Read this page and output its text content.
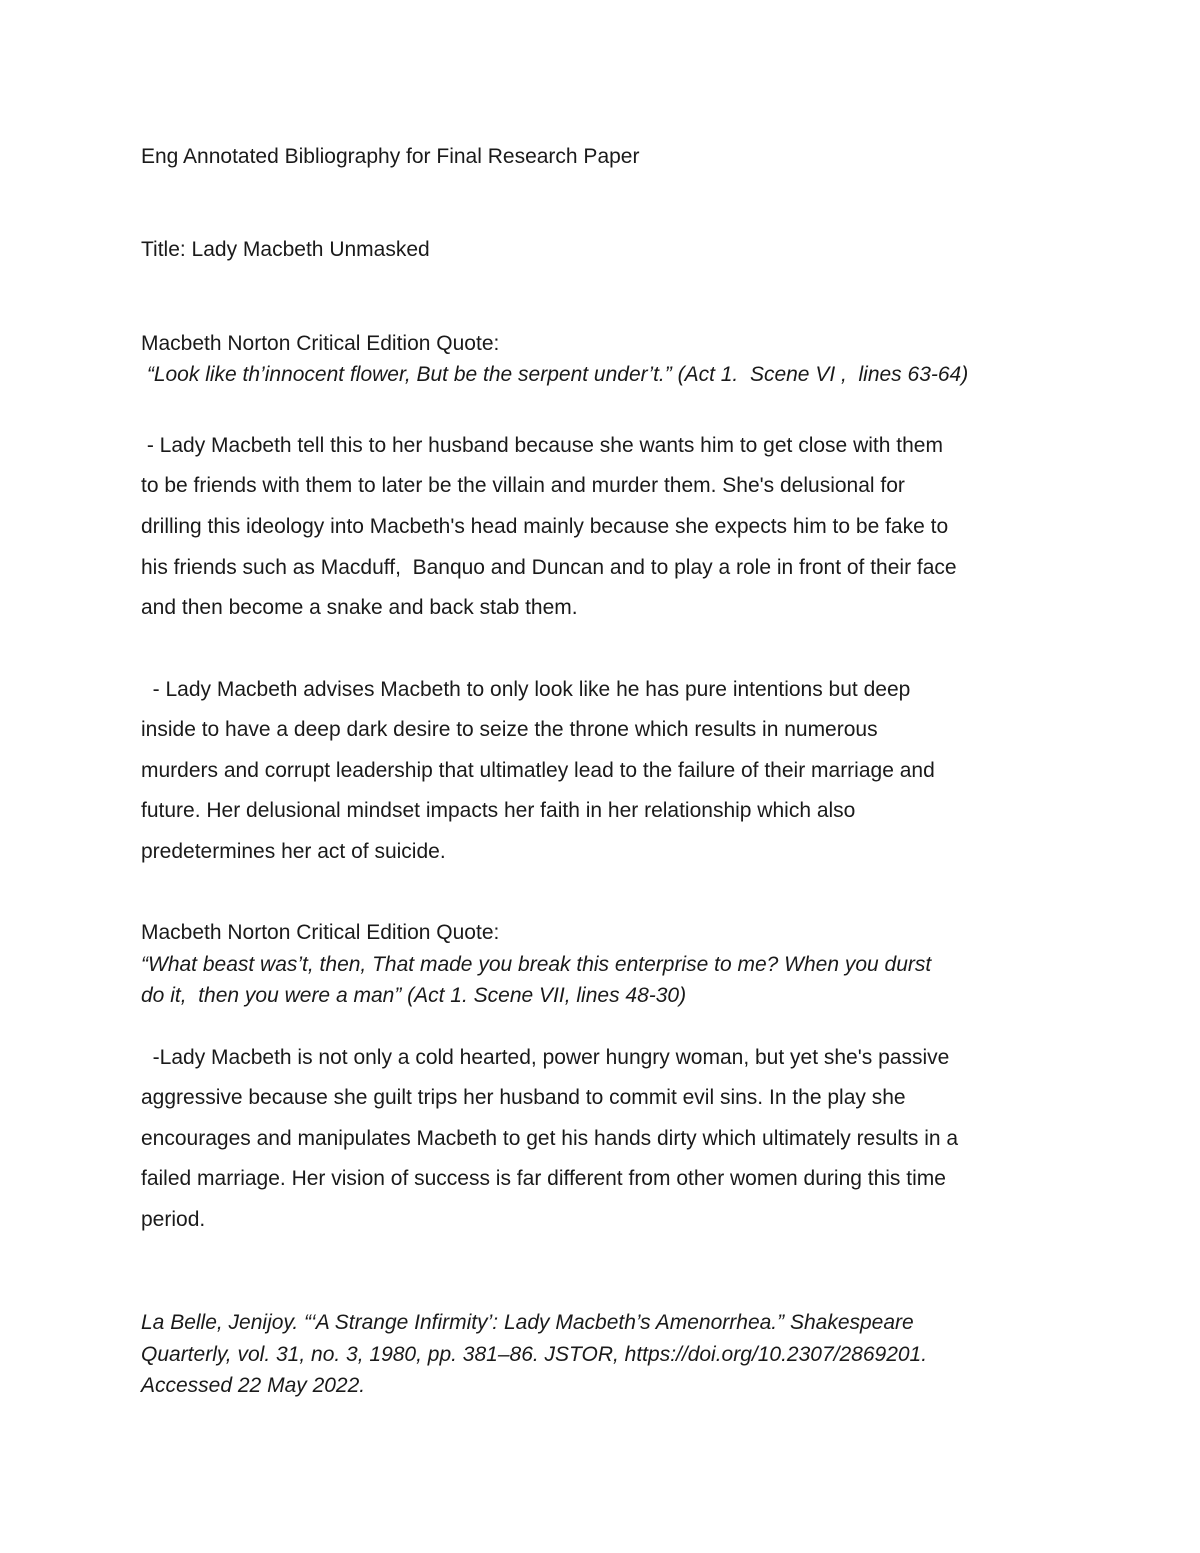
Eng Annotated Bibliography for Final Research Paper
Title: Lady Macbeth Unmasked
Macbeth Norton Critical Edition Quote:
“Look like th’innocent flower, But be the serpent under’t.” (Act 1.  Scene VI ,  lines 63-64)
- Lady Macbeth tell this to her husband because she wants him to get close with them
to be friends with them to later be the villain and murder them. She's delusional for
drilling this ideology into Macbeth's head mainly because she expects him to be fake to
his friends such as Macduff,  Banquo and Duncan and to play a role in front of their face
and then become a snake and back stab them.
- Lady Macbeth advises Macbeth to only look like he has pure intentions but deep
inside to have a deep dark desire to seize the throne which results in numerous
murders and corrupt leadership that ultimatley lead to the failure of their marriage and
future. Her delusional mindset impacts her faith in her relationship which also
predetermines her act of suicide.
Macbeth Norton Critical Edition Quote:
“What beast was’t, then, That made you break this enterprise to me? When you durst
do it,  then you were a man” (Act 1. Scene VII, lines 48-30)
-Lady Macbeth is not only a cold hearted, power hungry woman, but yet she's passive
aggressive because she guilt trips her husband to commit evil sins. In the play she
encourages and manipulates Macbeth to get his hands dirty which ultimately results in a
failed marriage. Her vision of success is far different from other women during this time
period.
La Belle, Jenijoy. “‘A Strange Infirmity’: Lady Macbeth’s Amenorrhea.” Shakespeare
Quarterly, vol. 31, no. 3, 1980, pp. 381–86. JSTOR, https://doi.org/10.2307/2869201.
Accessed 22 May 2022.
